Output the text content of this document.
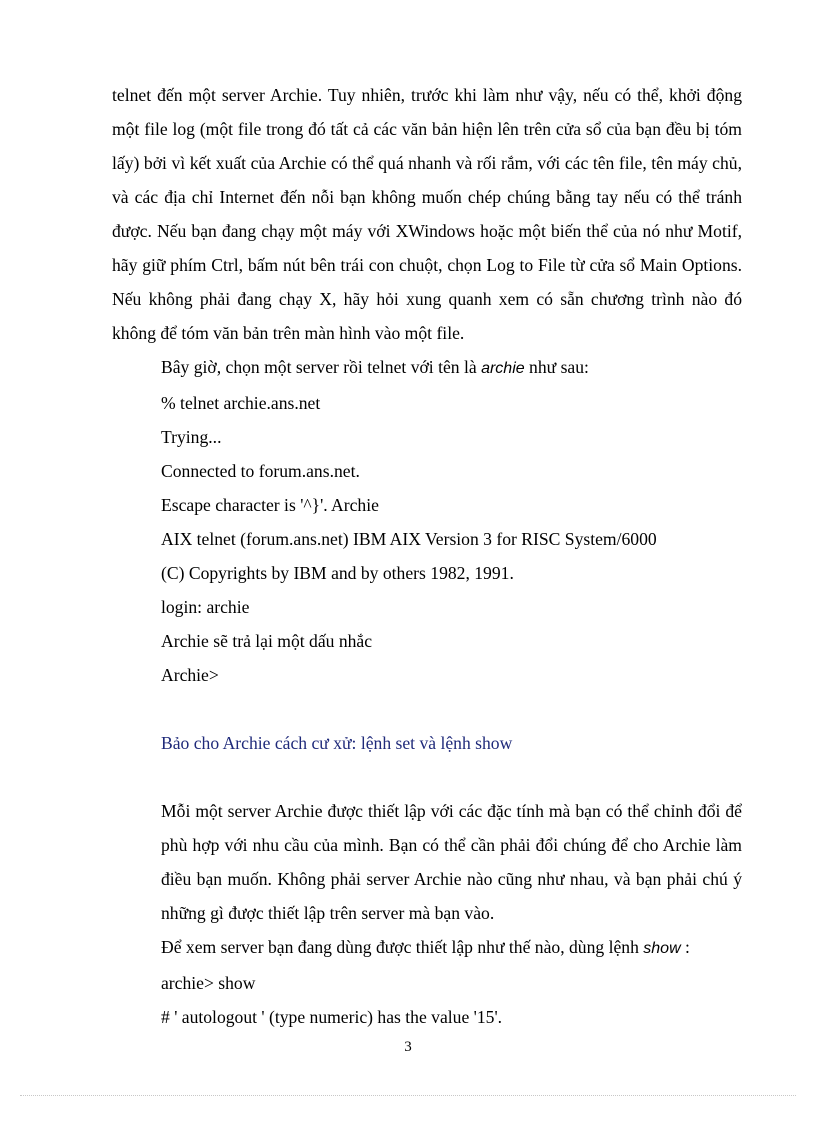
telnet đến một server Archie. Tuy nhiên, trước khi làm như vậy, nếu có thể, khởi động một file log (một file trong đó tất cả các văn bản hiện lên trên cửa sổ của bạn đều bị tóm lấy) bởi vì kết xuất của Archie có thể quá nhanh và rối rắm, với các tên file, tên máy chủ, và các địa chỉ Internet đến nỗi bạn không muốn chép chúng bằng tay nếu có thể tránh được. Nếu bạn đang chạy một máy với XWindows hoặc một biến thể của nó như Motif, hãy giữ phím Ctrl, bấm nút bên trái con chuột, chọn Log to File từ cửa sổ Main Options. Nếu không phải đang chạy X, hãy hỏi xung quanh xem có sẵn chương trình nào đó không để tóm văn bản trên màn hình vào một file.

Bây giờ, chọn một server rồi telnet với tên là archie như sau:

% telnet archie.ans.net

Trying...

Connected to forum.ans.net.

Escape character is '^}'. Archie

AIX telnet (forum.ans.net) IBM AIX Version 3 for RISC System/6000

(C) Copyrights by IBM and by others 1982, 1991.

login: archie

Archie sẽ trả lại một dấu nhắc

Archie>

Bảo cho Archie cách cư xử: lệnh set và lệnh show

Mỗi một server Archie được thiết lập với các đặc tính mà bạn có thể chỉnh đổi để phù hợp với nhu cầu của mình. Bạn có thể cần phải đổi chúng để cho Archie làm điều bạn muốn. Không phải server Archie nào cũng như nhau, và bạn phải chú ý những gì được thiết lập trên server mà bạn vào.

Để xem server bạn đang dùng được thiết lập như thế nào, dùng lệnh show :

archie> show

# ' autologout ' (type numeric) has the value '15'.

3
